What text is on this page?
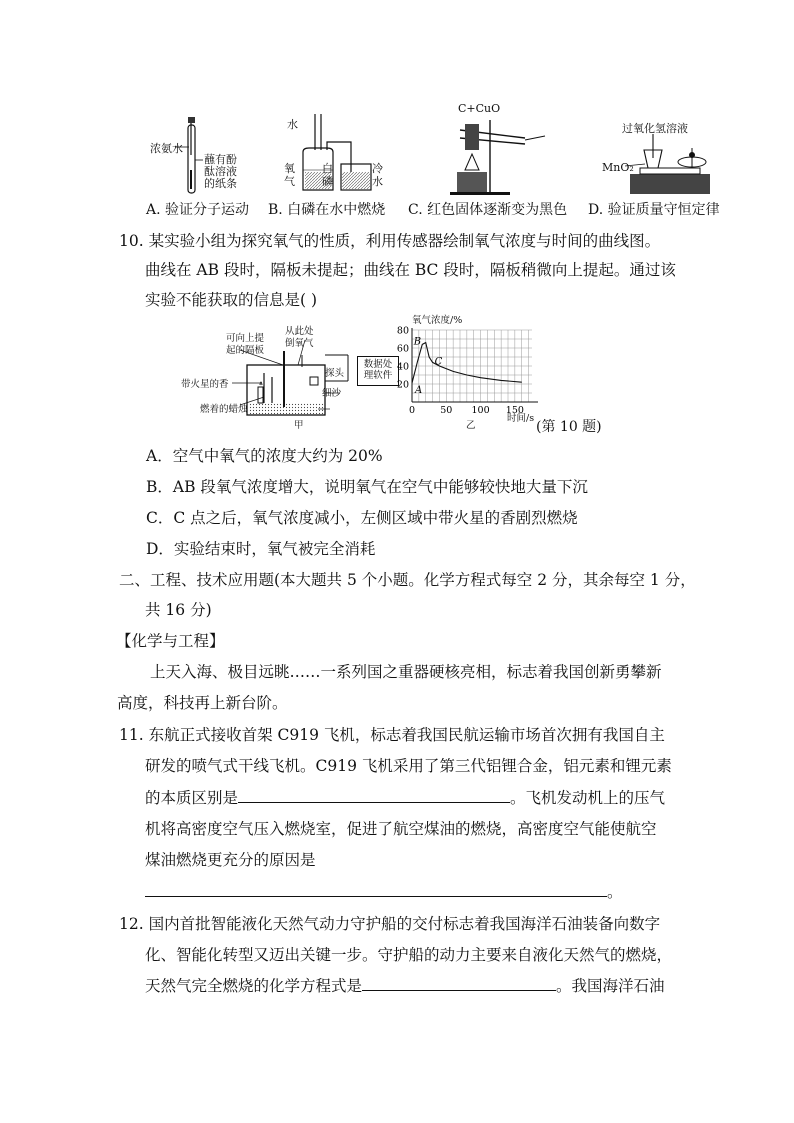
浓氨水
蘸有酚
酞溶液
的纸条
水
氧
气
白
磷
冷
水
C+CuO
过氧化氢溶液
MnO₂
A. 验证分子运动 B. 白磷在水中燃烧 C. 红色固体逐渐变为黑色 D. 验证质量守恒定律
10. 某实验小组为探究氧气的性质，利用传感器绘制氧气浓度与时间的曲线图。
曲线在 AB 段时，隔板未提起；曲线在 BC 段时，隔板稍微向上提起。通过该
实验不能获取的信息是( )
可向上提
起的隔板
从此处
倒氧气
带火星的香
燃着的蜡烛
探头
细沙
数据处
理软件
甲
氧气浓度/%
0	50 100 150
20
40
60
80
A
B
C
时间/s
乙	(第 10 题)
A．空气中氧气的浓度大约为 20%
B．AB 段氧气浓度增大，说明氧气在空气中能够较快地大量下沉
C．C 点之后，氧气浓度减小，左侧区域中带火星的香剧烈燃烧
D．实验结束时，氧气被完全消耗
二、工程、技术应用题(本大题共 5 个小题。化学方程式每空 2 分，其余每空 1 分，
共 16 分)
【化学与工程】
上天入海、极目远眺……一系列国之重器硬核亮相，标志着我国创新勇攀新
高度，科技再上新台阶。
11. 东航正式接收首架 C919 飞机，标志着我国民航运输市场首次拥有我国自主
研发的喷气式干线飞机。C919 飞机采用了第三代铝锂合金，铝元素和锂元素
的本质区别是	。飞机发动机上的压气
机将高密度空气压入燃烧室，促进了航空煤油的燃烧，高密度空气能使航空
煤油燃烧更充分的原因是
。
12. 国内首批智能液化天然气动力守护船的交付标志着我国海洋石油装备向数字
化、智能化转型又迈出关键一步。守护船的动力主要来自液化天然气的燃烧，
天然气完全燃烧的化学方程式是	。我国海洋石油
